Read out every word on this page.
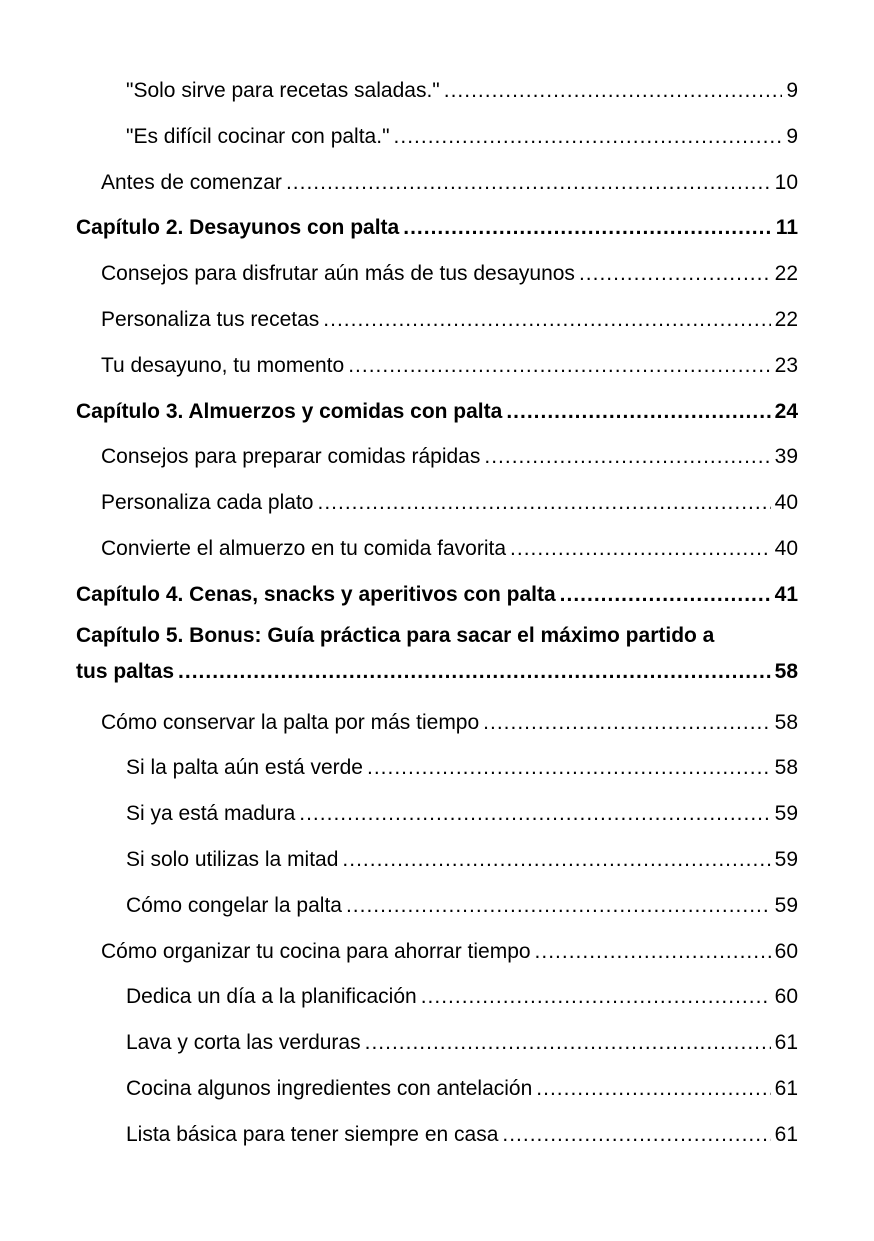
"Solo sirve para recetas saladas." .....	9
"Es difícil cocinar con palta." .....	9
Antes de comenzar .....	10
Capítulo 2. Desayunos con palta .....	11
Consejos para disfrutar aún más de tus desayunos .....	22
Personaliza tus recetas .....	22
Tu desayuno, tu momento .....	23
Capítulo 3. Almuerzos y comidas con palta .....	24
Consejos para preparar comidas rápidas .....	39
Personaliza cada plato .....	40
Convierte el almuerzo en tu comida favorita .....	40
Capítulo 4. Cenas, snacks y aperitivos con palta .....	41
Capítulo 5. Bonus: Guía práctica para sacar el máximo partido a
tus paltas .....	58
Cómo conservar la palta por más tiempo .....	58
Si la palta aún está verde .....	58
Si ya está madura .....	59
Si solo utilizas la mitad .....	59
Cómo congelar la palta .....	59
Cómo organizar tu cocina para ahorrar tiempo .....	60
Dedica un día a la planificación .....	60
Lava y corta las verduras .....	61
Cocina algunos ingredientes con antelación .....	61
Lista básica para tener siempre en casa .....	61
